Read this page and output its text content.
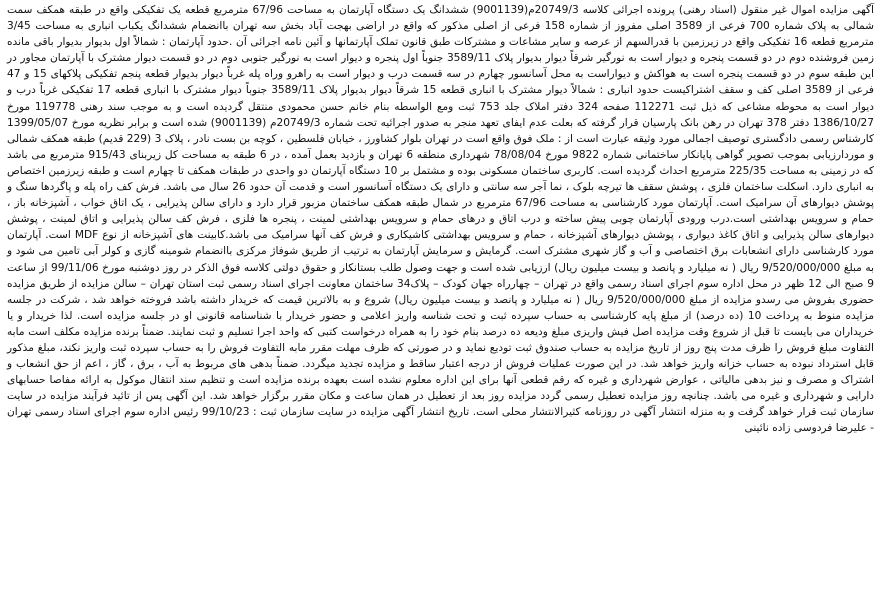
آگهی مزایده اموال غیر منقول (اسناد رهنی) پرونده اجرائی کلاسه 20749/3م(9001139) ششدانگ یک دستگاه آپارتمان به مساحت 67/96 مترمربع قطعه یک تفکیکی واقع در طبقه همکف سمت شمالی به پلاک شماره 700 فرعی از 3589 اصلی مفروز از شماره 158 فرعی از اصلی مذکور که واقع در اراضی بهجت آباد بخش سه تهران باانضمام ششدانگ یکباب انباری به مساحت 3/45 مترمربع قطعه 16 تفکیکی واقع در زیرزمین با قدرالسهم از عرصه و سایر مشاعات و مشترکات طبق قانون تملک آپارتمانها و آئین نامه اجرائی آن .حدود آپارتمان : شمالاً اول بدیوار بدیوار باقی مانده زمین فروشنده دوم در دو قسمت پنجره و دیوار است به نورگیر شرقاً دیوار بدیوار پلاک 3589/11 جنوباً اول پنجره و دیوار است به نورگیر جنوبی دوم در دو قسمت دیوار مشترک با آپارتمان مجاور در این طبقه سوم در دو قسمت پنجره است به هواکش و دیواراست به محل آسانسور چهارم در سه قسمت درب و دیوار است به راهرو وراه پله غرباً دیوار بدیوار قطعه پنجم تفکیکی پلاکهای 15 و 47 فرعی از 3589 اصلی کف و سقف اشتراکیست حدود انباری : شمالاً دیوار مشترک با انباری قطعه 15 شرقاً دیوار بدیوار پلاک 3589/11 جنوباً دیوار مشترک با انباری قطعه 17 تفکیکی غرباً درب و دیوار است به محوطه مشاعی که ذیل ثبت 112271 صفحه 324 دفتر املاک جلد 753 ثبت ومع الواسطه بنام خانم حسن محمودی منتقل گردیده است و به موجب سند رهنی 119778 مورخ 1386/10/27 دفتر 378 تهران در رهن بانک پارسیان قرار گرفته که بعلت عدم ایفای تعهد منجر به صدور اجرائیه تحت شماره 20749/3م (9001139) شده است و برابر نظریه مورخ 1399/05/07 کارشناس رسمی دادگستری توصیف اجمالی مورد وثیقه عبارت است از : ملک فوق واقع است در تهران بلوار کشاورز ، خیابان فلسطین ، کوچه بن بست نادر ، پلاک 3 (229 قدیم) طبقه همکف شمالی و موردارزیابی بموجب تصویر گواهی پایانکار ساختمانی شماره 9822 مورخ 78/08/04 شهرداری منطقه 6 تهران و بازدید بعمل آمده ، در 6 طبقه به مساحت کل زیربنای 915/43 مترمربع می باشد که در زمینی به مساحت 225/35 مترمربع احداث گردیده است. کاربری ساختمان مسکونی بوده و مشتمل بر 10 دستگاه آپارتمان دو واحدی در طبقات همکف تا چهارم است و طبقه زیرزمین اختصاص به انباری دارد. اسکلت ساختمان فلزی ، پوشش سقف ها تیرچه بلوک ، نما آجر سه سانتی و دارای یک دستگاه آسانسور است و قدمت آن حدود 26 سال می باشد. فرش کف راه پله و پاگردها سنگ و پوشش دیوارهای آن سرامیک است. آپارتمان مورد کارشناسی به مساحت 67/96 مترمربع در شمال طبقه همکف ساختمان مزبور قرار دارد و دارای سالن پذیرایی ، یک اتاق خواب ، آشپزخانه باز ، حمام و سرویس بهداشتی است.درب ورودی آپارتمان چوبی پیش ساخته و درب اتاق و درهای حمام و سرویس بهداشتی لمینت ، پنجره ها فلزی ، فرش کف سالن پذیرایی و اتاق لمینت ، پوشش دیوارهای سالن پذیرایی و اتاق کاغذ دیواری ، پوشش دیوارهای آشپزخانه ، حمام و سرویس بهداشتی کاشیکاری و فرش کف آنها سرامیک می باشد.کابینت های آشپزخانه از نوع MDF است. آپارتمان مورد کارشناسی دارای انشعابات برق اختصاصی و آب و گاز شهری مشترک است. گرمایش و سرمایش آپارتمان به ترتیب از طریق شوفاژ مرکزی باانضمام شومینه گازی و کولر آبی تامین می شود و به مبلغ 9/520/000/000 ریال ( نه میلیارد و پانصد و بیست میلیون ریال) ارزیابی شده است و جهت وصول طلب بستانکار و حقوق دولتی کلاسه فوق الذکر در روز دوشنبه مورخ 99/11/06 از ساعت 9 صبح الی 12 ظهر در محل اداره سوم اجرای اسناد رسمی واقع در تهران – چهارراه جهان کودک – پلاک34 ساختمان معاونت اجرای اسناد رسمی ثبت استان تهران – سالن مزایده از طریق مزایده حضوری بفروش می رسدو مزایده از مبلغ 9/520/000/000 ریال ( نه میلیارد و پانصد و بیست میلیون ریال) شروع و به بالاترین قیمت که خریدار داشته باشد فروخته خواهد شد ، شرکت در جلسه مزایده منوط به پرداخت 10 (ده درصد) از مبلغ پایه کارشناسی به حساب سپرده ثبت و تحت شناسه واریز اعلامی و حضور خریدار با شناسنامه قانونی او در جلسه مزایده است. لذا خریدار و یا خریداران می بایست تا قبل از شروع وقت مزایده اصل فیش واریزی مبلغ ودیعه ده درصد بنام خود را به همراه درخواست کتبی که واحد اجرا تسلیم و ثبت نمایند. ضمناً برنده مزایده مکلف است مابه التفاوت مبلغ فروش را ظرف مدت پنج روز از تاریخ مزایده به حساب صندوق ثبت تودیع نماید و در صورتی که ظرف مهلت مقرر مابه التفاوت فروش را به حساب سپرده ثبت واریز نکند، مبلغ مذکور قابل استرداد نبوده به حساب خزانه واریز خواهد شد. در این صورت عملیات فروش از درجه اعتبار ساقط و مزایده تجدید میگردد. ضمناً بدهی های مربوط به آب ، برق ، گاز ، اعم از حق انشعاب و اشتراک و مصرف و نیز بدهی مالیاتی ، عوارض شهرداری و غیره که رقم قطعی آنها برای این اداره معلوم نشده است بعهده برنده مزایده است و تنظیم سند انتقال موکول به ارائه مفاصا حسابهای دارایی و شهرداری و غیره می باشد. چنانچه روز مزایده تعطیل رسمی گردد مزایده روز بعد از تعطیل در همان ساعت و مکان مقرر برگزار خواهد شد. این آگهی پس از تائید فرآیند مزایده در سایت سازمان ثبت قرار خواهد گرفت و به منزله انتشار آگهی در روزنامه کثیرالانتشار محلی است. تاریخ انتشار آگهی مزایده در سایت سازمان ثبت : 99/10/23 رئیس اداره سوم اجرای اسناد رسمی تهران - علیرضا فردوسی زاده نائینی
